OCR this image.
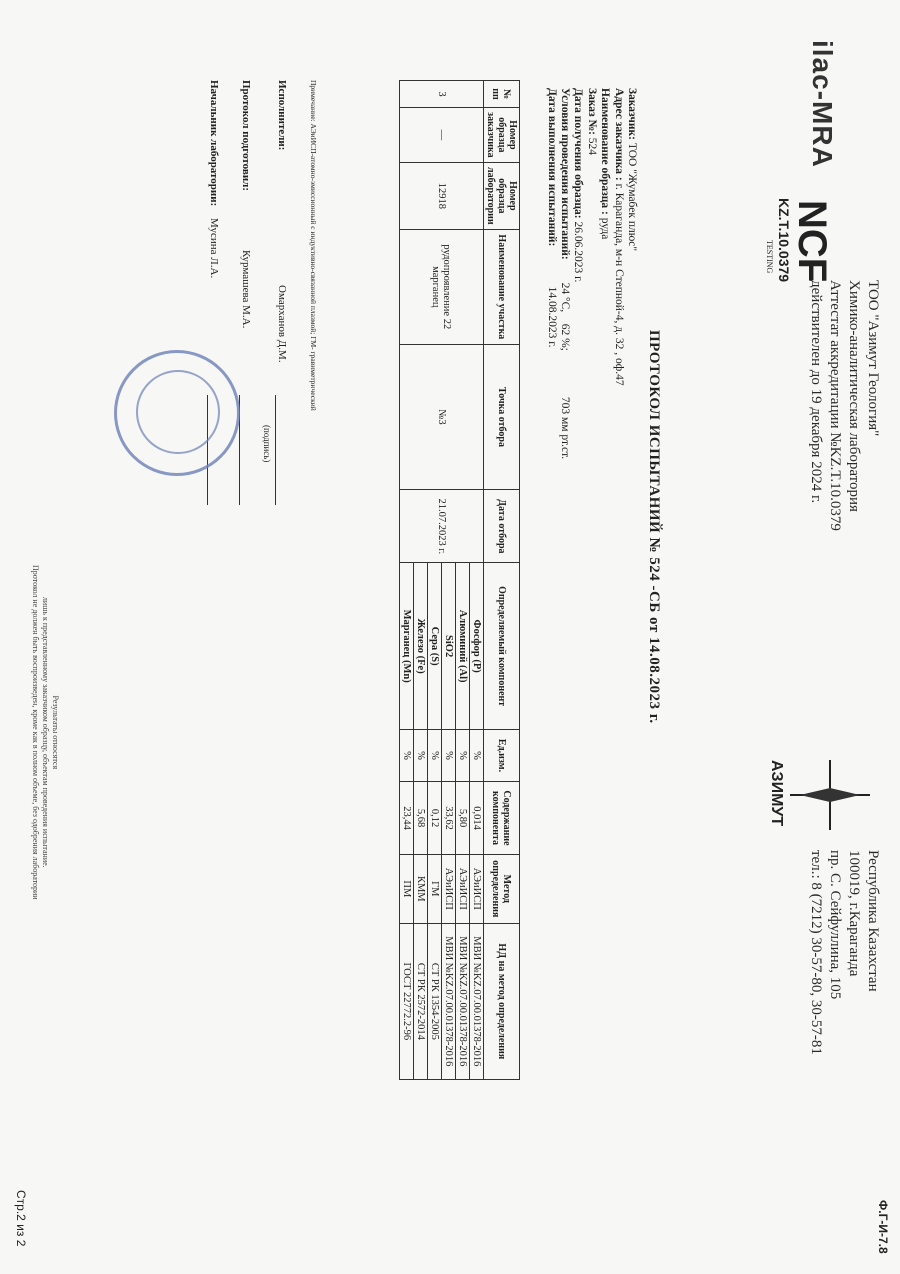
Ф.Г-И-7.8
Стр.2 из 2
ilac-MRA
NCF
KZ.T.10.0379
TESTING
ТОО "Азимут Геология"
Химико-аналитическая лаборатория
Аттестат аккредитации №KZ.T.10.0379
действителен до 19 декабря 2024 г.
АЗИМУТ
Республика Казахстан
100019, г.Караганда
пр. С. Сейфуллина, 105
тел.: 8 (7212) 30-57-80, 30-57-81
ПРОТОКОЛ ИСПЫТАНИЙ № 524 -СБ от 14.08.2023 г.
Заказчик: ТОО "Жумабек плюс"
Адрес заказчика : г. Караганда, м-н Степной-4, д. 32 , оф.47
Наименование образца : руда
Заказ №: 524
Дата получения образца: 26.06.2023 г.
Условия проведения испытаний:        24 °С,    62 %;                703 мм рт.ст.
Дата выполнения испытаний:              14.08.2023 г.
№ пп	Номер образца заказчика	Номер образца лаборатории	Наименование участка	Точка отбора	Дата отбора	Определяемый компонент	Ед.изм.	Содержание компонента	Метод определения	НД на метод определения
3	—	12918	рудопроявление 22 марганец	№3	21.07.2023 г.	Фосфор (P)	%	0,014	АЭиИСП	МВИ №KZ.07.00.01378-2016
						Алюминий (Al)	%	5,80	АЭиИСП	МВИ №KZ.07.00.01378-2016
						SiO2	%	33,62	АЭиИСП	МВИ №KZ.07.00.01378-2016
						Сера (S)	%	0,12	ГМ	СТ РК 1354-2005
						Железо (Fe)	%	5,68	КММ	СТ РК 2572-2014
						Марганец (Mn)	%	23,44	ПМ	ГОСТ 22772.2-96
Примечание: АЭиИСП-атомно-эмиссионный с индуктивно-связанной плазмой; ГМ- гравиметрический
Исполнители:
Омарханов Д.М.
(подпись)
Протокол подготовил:
Курмашева М.А.
Начальник лаборатории:
Мусина Л.А.
Результаты относятся
лишь к представленному заказчиком образцу, объектам проведения испытание.
Протокол не должен быть воспроизведен, кроме как в полном объеме, без одобрения лаборатории
